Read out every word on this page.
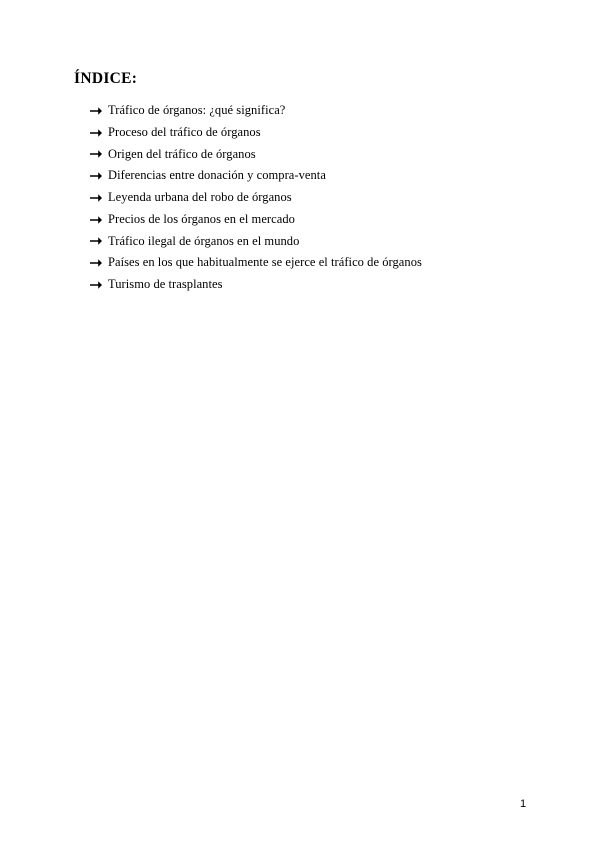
ÍNDICE:
Tráfico de órganos: ¿qué significa?
Proceso del tráfico de órganos
Origen del tráfico de órganos
Diferencias entre donación y compra-venta
Leyenda urbana del robo de órganos
Precios de los órganos en el mercado
Tráfico ilegal de órganos en el mundo
Países en los que habitualmente se ejerce el tráfico de órganos
Turismo de trasplantes
1
